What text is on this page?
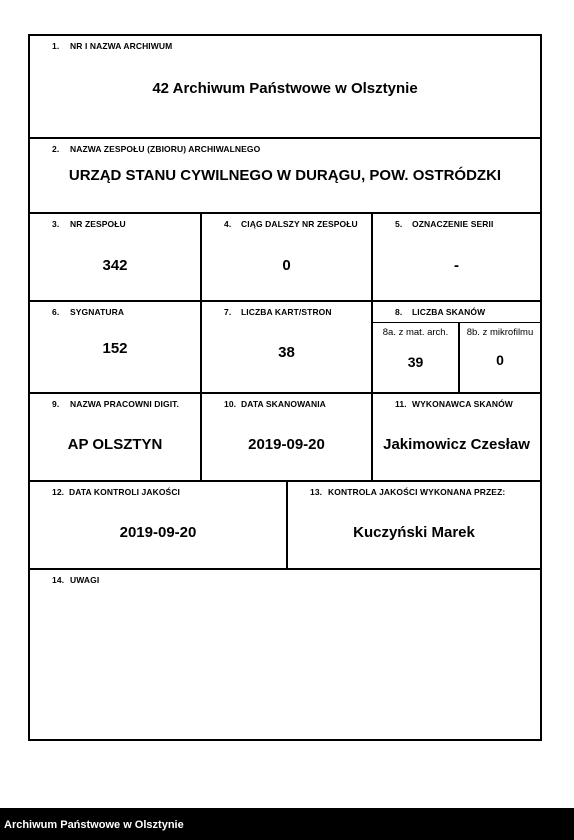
1. NR I NAZWA ARCHIWUM
42 Archiwum Państwowe w Olsztynie
2. NAZWA ZESPOŁU (ZBIORU) ARCHIWALNEGO
URZĄD STANU CYWILNEGO W DURĄGU, POW. OSTRÓDZKI
3. NR ZESPOŁU
342
4. CIĄG DALSZY NR ZESPOŁU
0
5. OZNACZENIE SERII
-
6. SYGNATURA
152
7. LICZBA KART/STRON
38
8. LICZBA SKANÓW
8a. z mat. arch.
39
8b. z mikrofilmu
0
9. NAZWA PRACOWNI DIGIT.
AP OLSZTYN
10. DATA SKANOWANIA
2019-09-20
11. WYKONAWCA SKANÓW
Jakimowicz Czesław
12. DATA KONTROLI JAKOŚCI
2019-09-20
13. KONTROLA JAKOŚCI WYKONANA PRZEZ:
Kuczyński Marek
14. UWAGI
Archiwum Państwowe w Olsztynie
